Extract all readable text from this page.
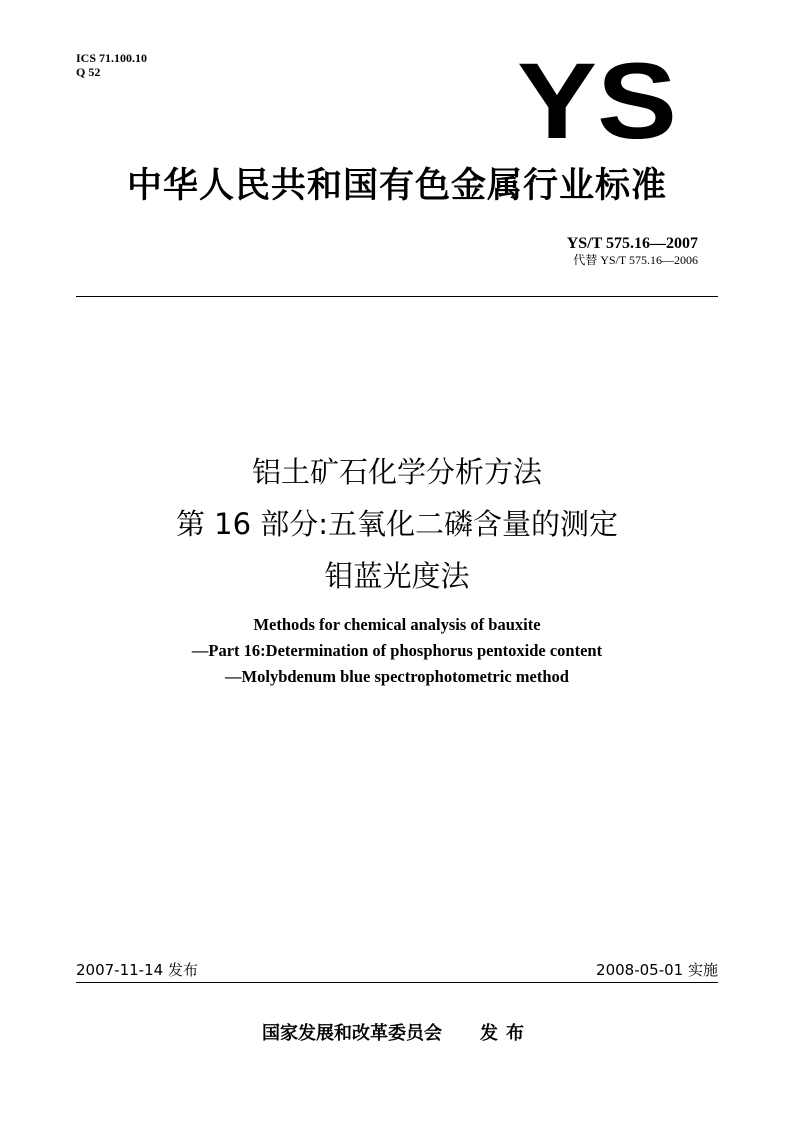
ICS 71.100.10
Q 52	YS
中华人民共和国有色金属行业标准
YS/T 575.16—2007
代替 YS/T 575.16—2006
铝土矿石化学分析方法
第 16 部分:五氧化二磷含量的测定
钼蓝光度法
Methods for chemical analysis of bauxite
—Part 16:Determination of phosphorus pentoxide content
—Molybdenum blue spectrophotometric method
2007-11-14 发布	2008-05-01 实施
国家发展和改革委员会 发布
